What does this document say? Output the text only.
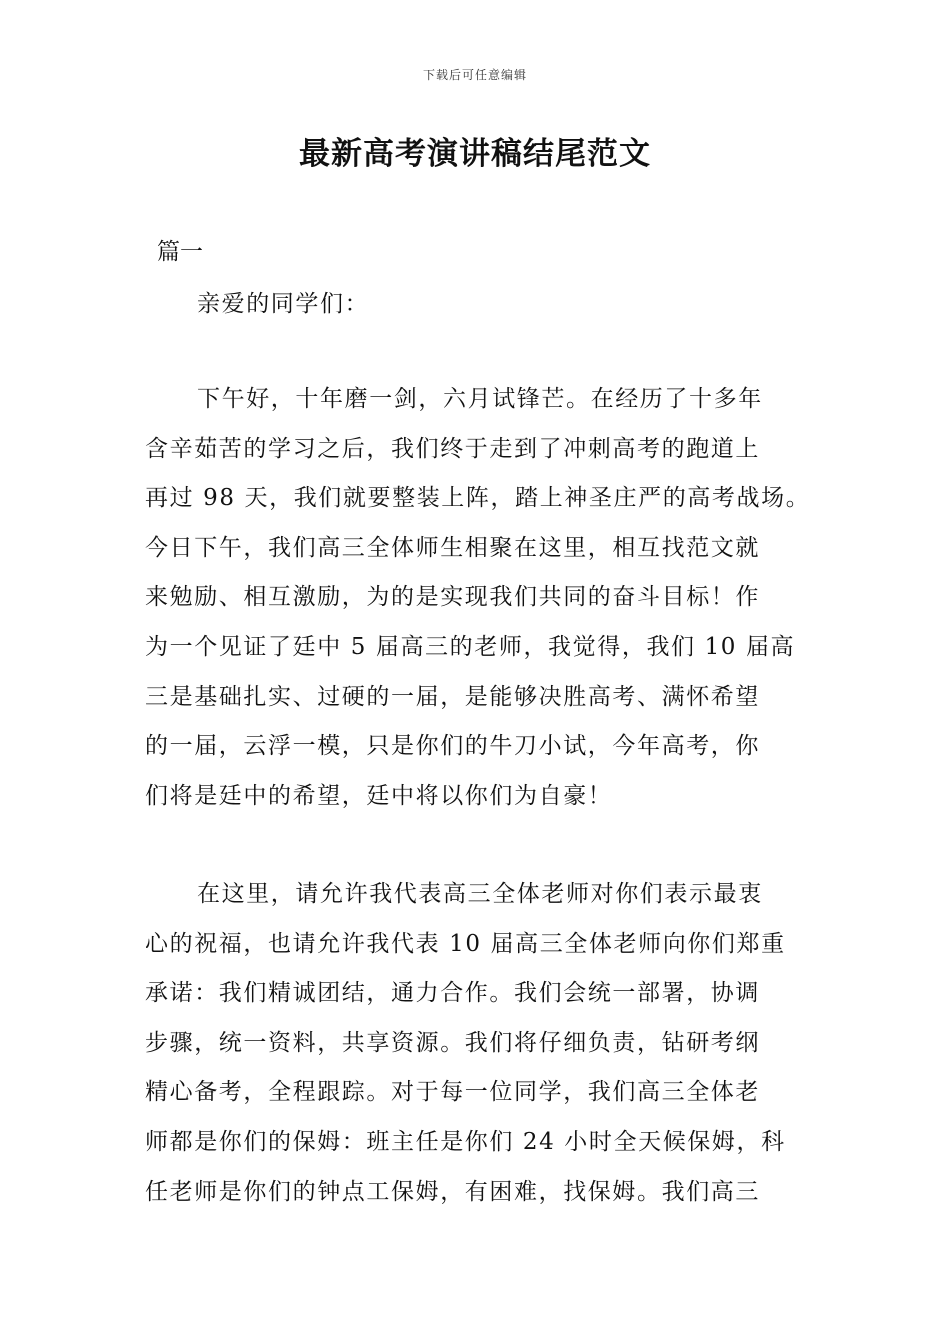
下载后可任意编辑
最新高考演讲稿结尾范文
篇一
亲爱的同学们：
下午好，十年磨一剑，六月试锋芒。在经历了十多年
含辛茹苦的学习之后，我们终于走到了冲刺高考的跑道上
再过 98 天，我们就要整装上阵，踏上神圣庄严的高考战场。
今日下午，我们高三全体师生相聚在这里，相互找范文就
来勉励、相互激励，为的是实现我们共同的奋斗目标！作
为一个见证了廷中 5 届高三的老师，我觉得，我们 10 届高
三是基础扎实、过硬的一届，是能够决胜高考、满怀希望
的一届，云浮一模，只是你们的牛刀小试，今年高考，你
们将是廷中的希望，廷中将以你们为自豪！
在这里，请允许我代表高三全体老师对你们表示最衷
心的祝福，也请允许我代表 10 届高三全体老师向你们郑重
承诺：我们精诚团结，通力合作。我们会统一部署，协调
步骤，统一资料，共享资源。我们将仔细负责，钻研考纲
精心备考，全程跟踪。对于每一位同学，我们高三全体老
师都是你们的保姆：班主任是你们 24 小时全天候保姆，科
任老师是你们的钟点工保姆，有困难，找保姆。我们高三
